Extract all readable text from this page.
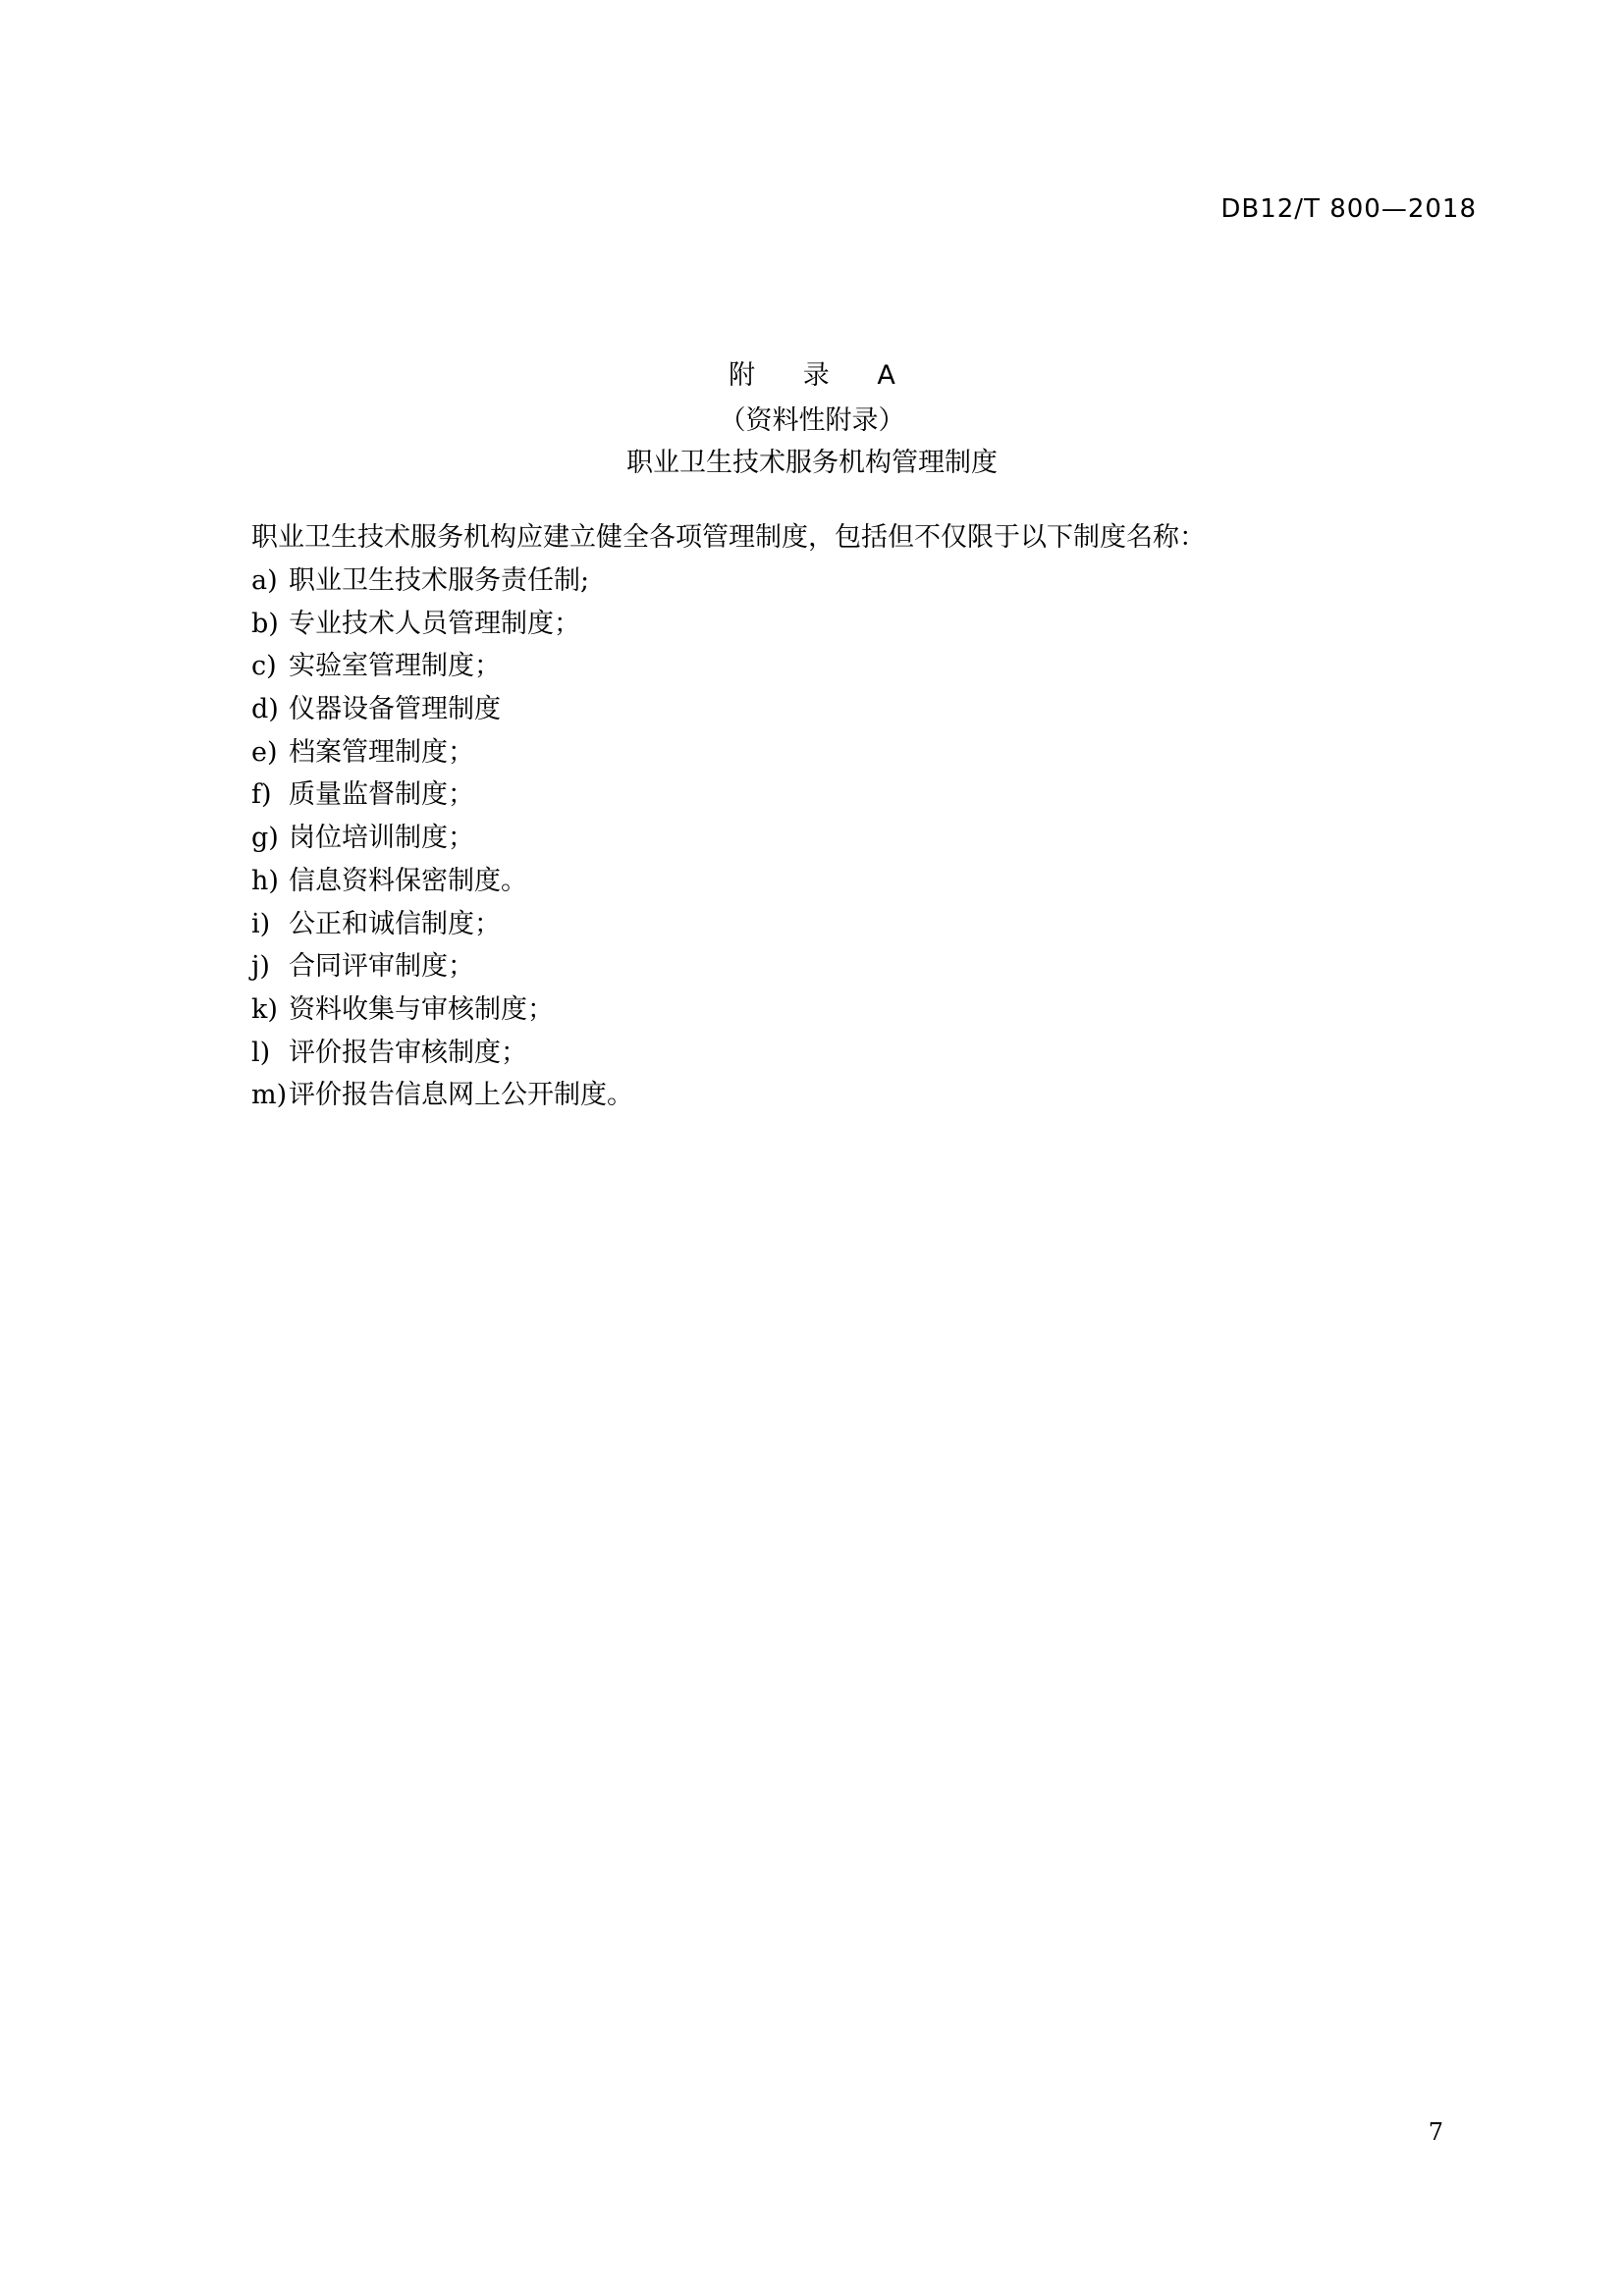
DB12/T 800—2018
附 录 A
（资料性附录）
职业卫生技术服务机构管理制度
职业卫生技术服务机构应建立健全各项管理制度，包括但不仅限于以下制度名称：
a) 职业卫生技术服务责任制;
b) 专业技术人员管理制度；
c) 实验室管理制度；
d) 仪器设备管理制度
e) 档案管理制度；
f) 质量监督制度；
g) 岗位培训制度；
h) 信息资料保密制度。
i) 公正和诚信制度；
j) 合同评审制度；
k) 资料收集与审核制度；
l) 评价报告审核制度；
m)评价报告信息网上公开制度。
7
